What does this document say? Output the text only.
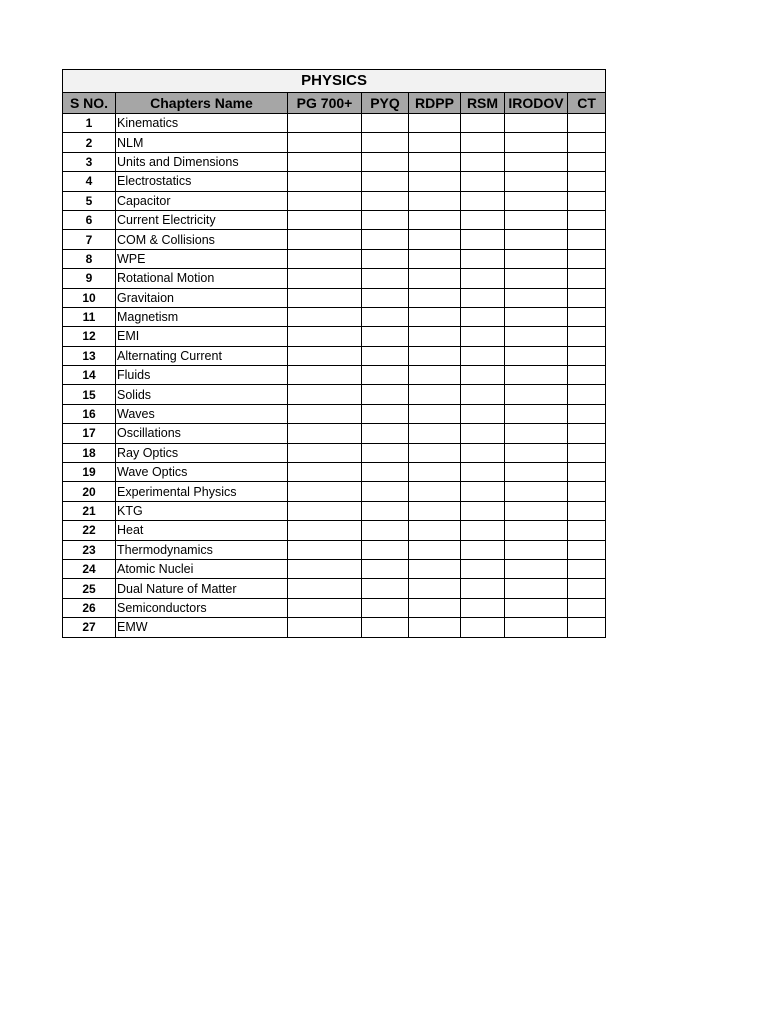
PHYSICS							
S NO.	Chapters Name	PG 700+	PYQ	RDPP	RSM	IRODOV	CT
1	Kinematics						
2	NLM						
3	Units and Dimensions						
4	Electrostatics						
5	Capacitor						
6	Current Electricity						
7	COM & Collisions						
8	WPE						
9	Rotational Motion						
10	Gravitaion						
11	Magnetism						
12	EMI						
13	Alternating Current						
14	Fluids						
15	Solids						
16	Waves						
17	Oscillations						
18	Ray Optics						
19	Wave Optics						
20	Experimental Physics						
21	KTG						
22	Heat						
23	Thermodynamics						
24	Atomic Nuclei						
25	Dual Nature of Matter						
26	Semiconductors						
27	EMW						
